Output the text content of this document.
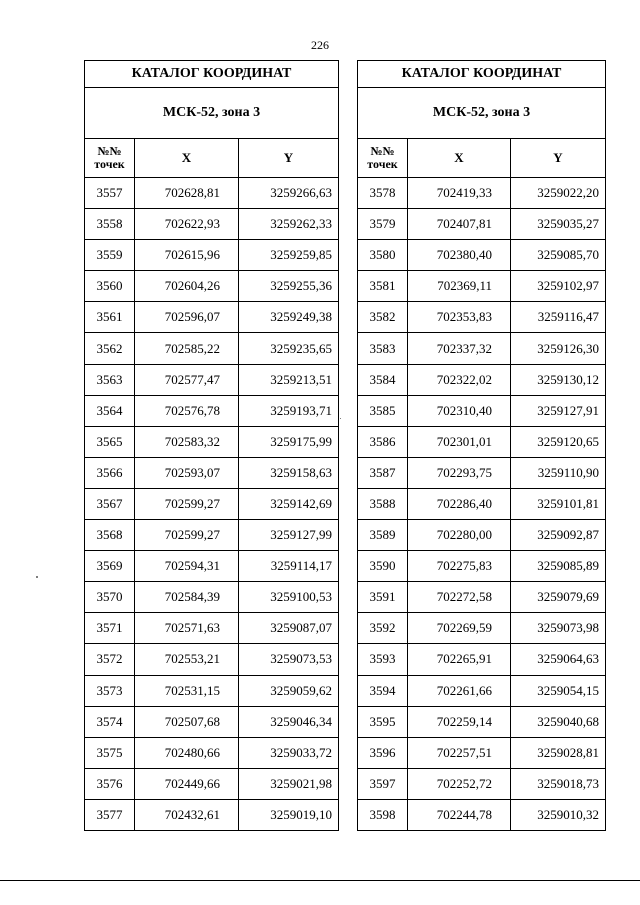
226
КАТАЛОГ КООРДИНАТ		
МСК-52, зона 3		
№№
точек	X	Y
3557	702628,81	3259266,63
3558	702622,93	3259262,33
3559	702615,96	3259259,85
3560	702604,26	3259255,36
3561	702596,07	3259249,38
3562	702585,22	3259235,65
3563	702577,47	3259213,51
3564	702576,78	3259193,71
3565	702583,32	3259175,99
3566	702593,07	3259158,63
3567	702599,27	3259142,69
3568	702599,27	3259127,99
3569	702594,31	3259114,17
3570	702584,39	3259100,53
3571	702571,63	3259087,07
3572	702553,21	3259073,53
3573	702531,15	3259059,62
3574	702507,68	3259046,34
3575	702480,66	3259033,72
3576	702449,66	3259021,98
3577	702432,61	3259019,10
КАТАЛОГ КООРДИНАТ		
МСК-52, зона 3		
№№
точек	X	Y
3578	702419,33	3259022,20
3579	702407,81	3259035,27
3580	702380,40	3259085,70
3581	702369,11	3259102,97
3582	702353,83	3259116,47
3583	702337,32	3259126,30
3584	702322,02	3259130,12
3585	702310,40	3259127,91
3586	702301,01	3259120,65
3587	702293,75	3259110,90
3588	702286,40	3259101,81
3589	702280,00	3259092,87
3590	702275,83	3259085,89
3591	702272,58	3259079,69
3592	702269,59	3259073,98
3593	702265,91	3259064,63
3594	702261,66	3259054,15
3595	702259,14	3259040,68
3596	702257,51	3259028,81
3597	702252,72	3259018,73
3598	702244,78	3259010,32
